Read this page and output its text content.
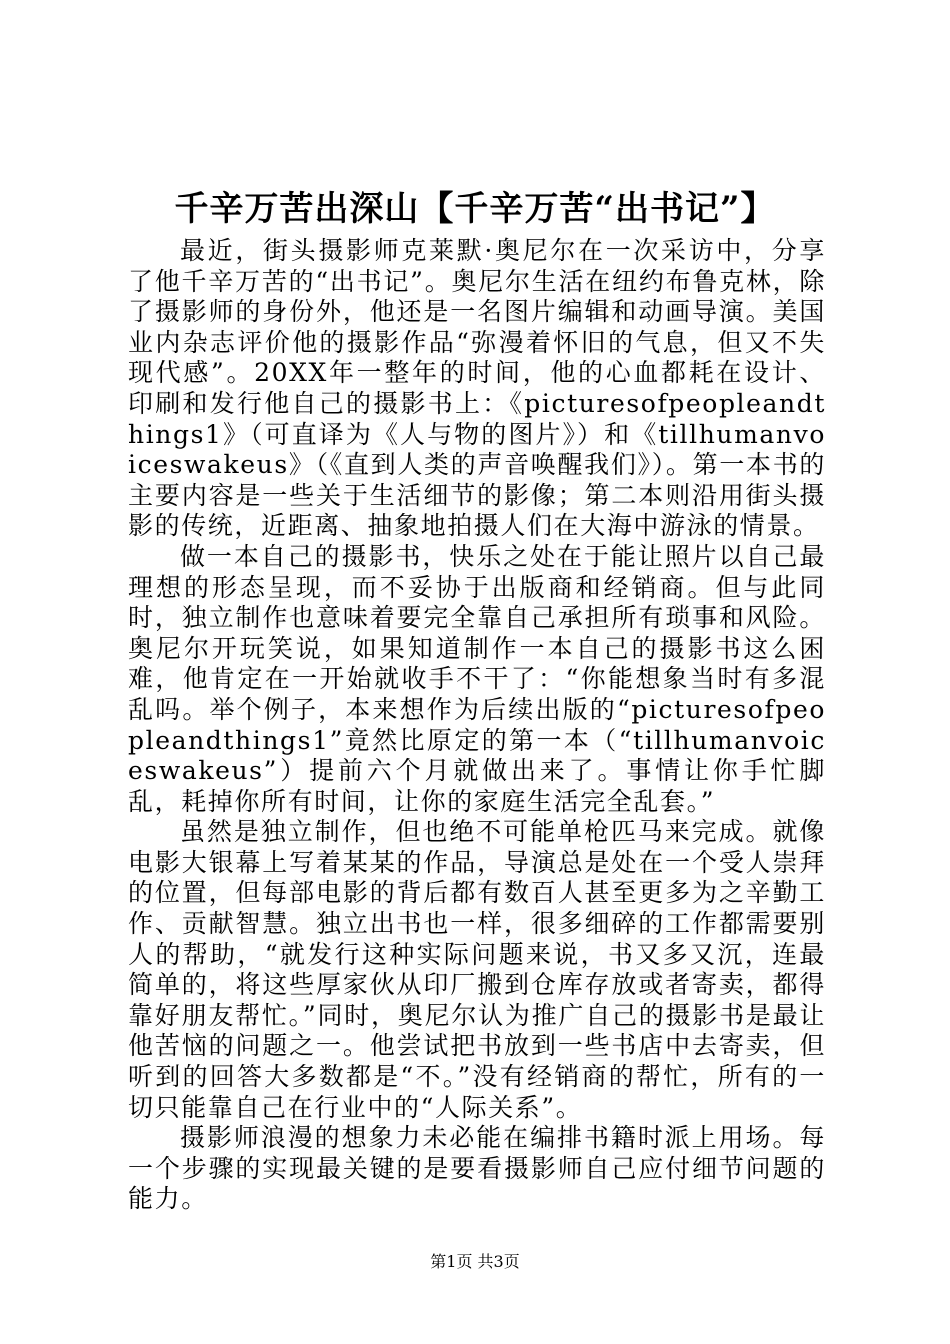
千辛万苦出深山【千辛万苦“出书记”】

最近，街头摄影师克莱默·奥尼尔在一次采访中，分享了他千辛万苦的“出书记”。奥尼尔生活在纽约布鲁克林，除了摄影师的身份外，他还是一名图片编辑和动画导演。美国业内杂志评价他的摄影作品“弥漫着怀旧的气息，但又不失现代感”。20XX年一整年的时间，他的心血都耗在设计、印刷和发行他自己的摄影书上：《picturesofpeopleandthings1》（可直译为《人与物的图片》）和《tillhumanvoiceswakeus》（《直到人类的声音唤醒我们》）。第一本书的主要内容是一些关于生活细节的影像；第二本则沿用街头摄影的传统，近距离、抽象地拍摄人们在大海中游泳的情景。

做一本自己的摄影书，快乐之处在于能让照片以自己最理想的形态呈现，而不妥协于出版商和经销商。但与此同时，独立制作也意味着要完全靠自己承担所有琐事和风险。奥尼尔开玩笑说，如果知道制作一本自己的摄影书这么困难，他肯定在一开始就收手不干了：“你能想象当时有多混乱吗。举个例子，本来想作为后续出版的“picturesofpeopleandthings1”竟然比原定的第一本（“tillhumanvoiceswakeus”）提前六个月就做出来了。事情让你手忙脚乱，耗掉你所有时间，让你的家庭生活完全乱套。”

虽然是独立制作，但也绝不可能单枪匹马来完成。就像电影大银幕上写着某某的作品，导演总是处在一个受人崇拜的位置，但每部电影的背后都有数百人甚至更多为之辛勤工作、贡献智慧。独立出书也一样，很多细碎的工作都需要别人的帮助，“就发行这种实际问题来说，书又多又沉，连最简单的，将这些厚家伙从印厂搬到仓库存放或者寄卖，都得靠好朋友帮忙。”同时，奥尼尔认为推广自己的摄影书是最让他苦恼的问题之一。他尝试把书放到一些书店中去寄卖，但听到的回答大多数都是“不。”没有经销商的帮忙，所有的一切只能靠自己在行业中的“人际关系”。

摄影师浪漫的想象力未必能在编排书籍时派上用场。每一个步骤的实现最关键的是要看摄影师自己应付细节问题的能力。

第1页 共3页
